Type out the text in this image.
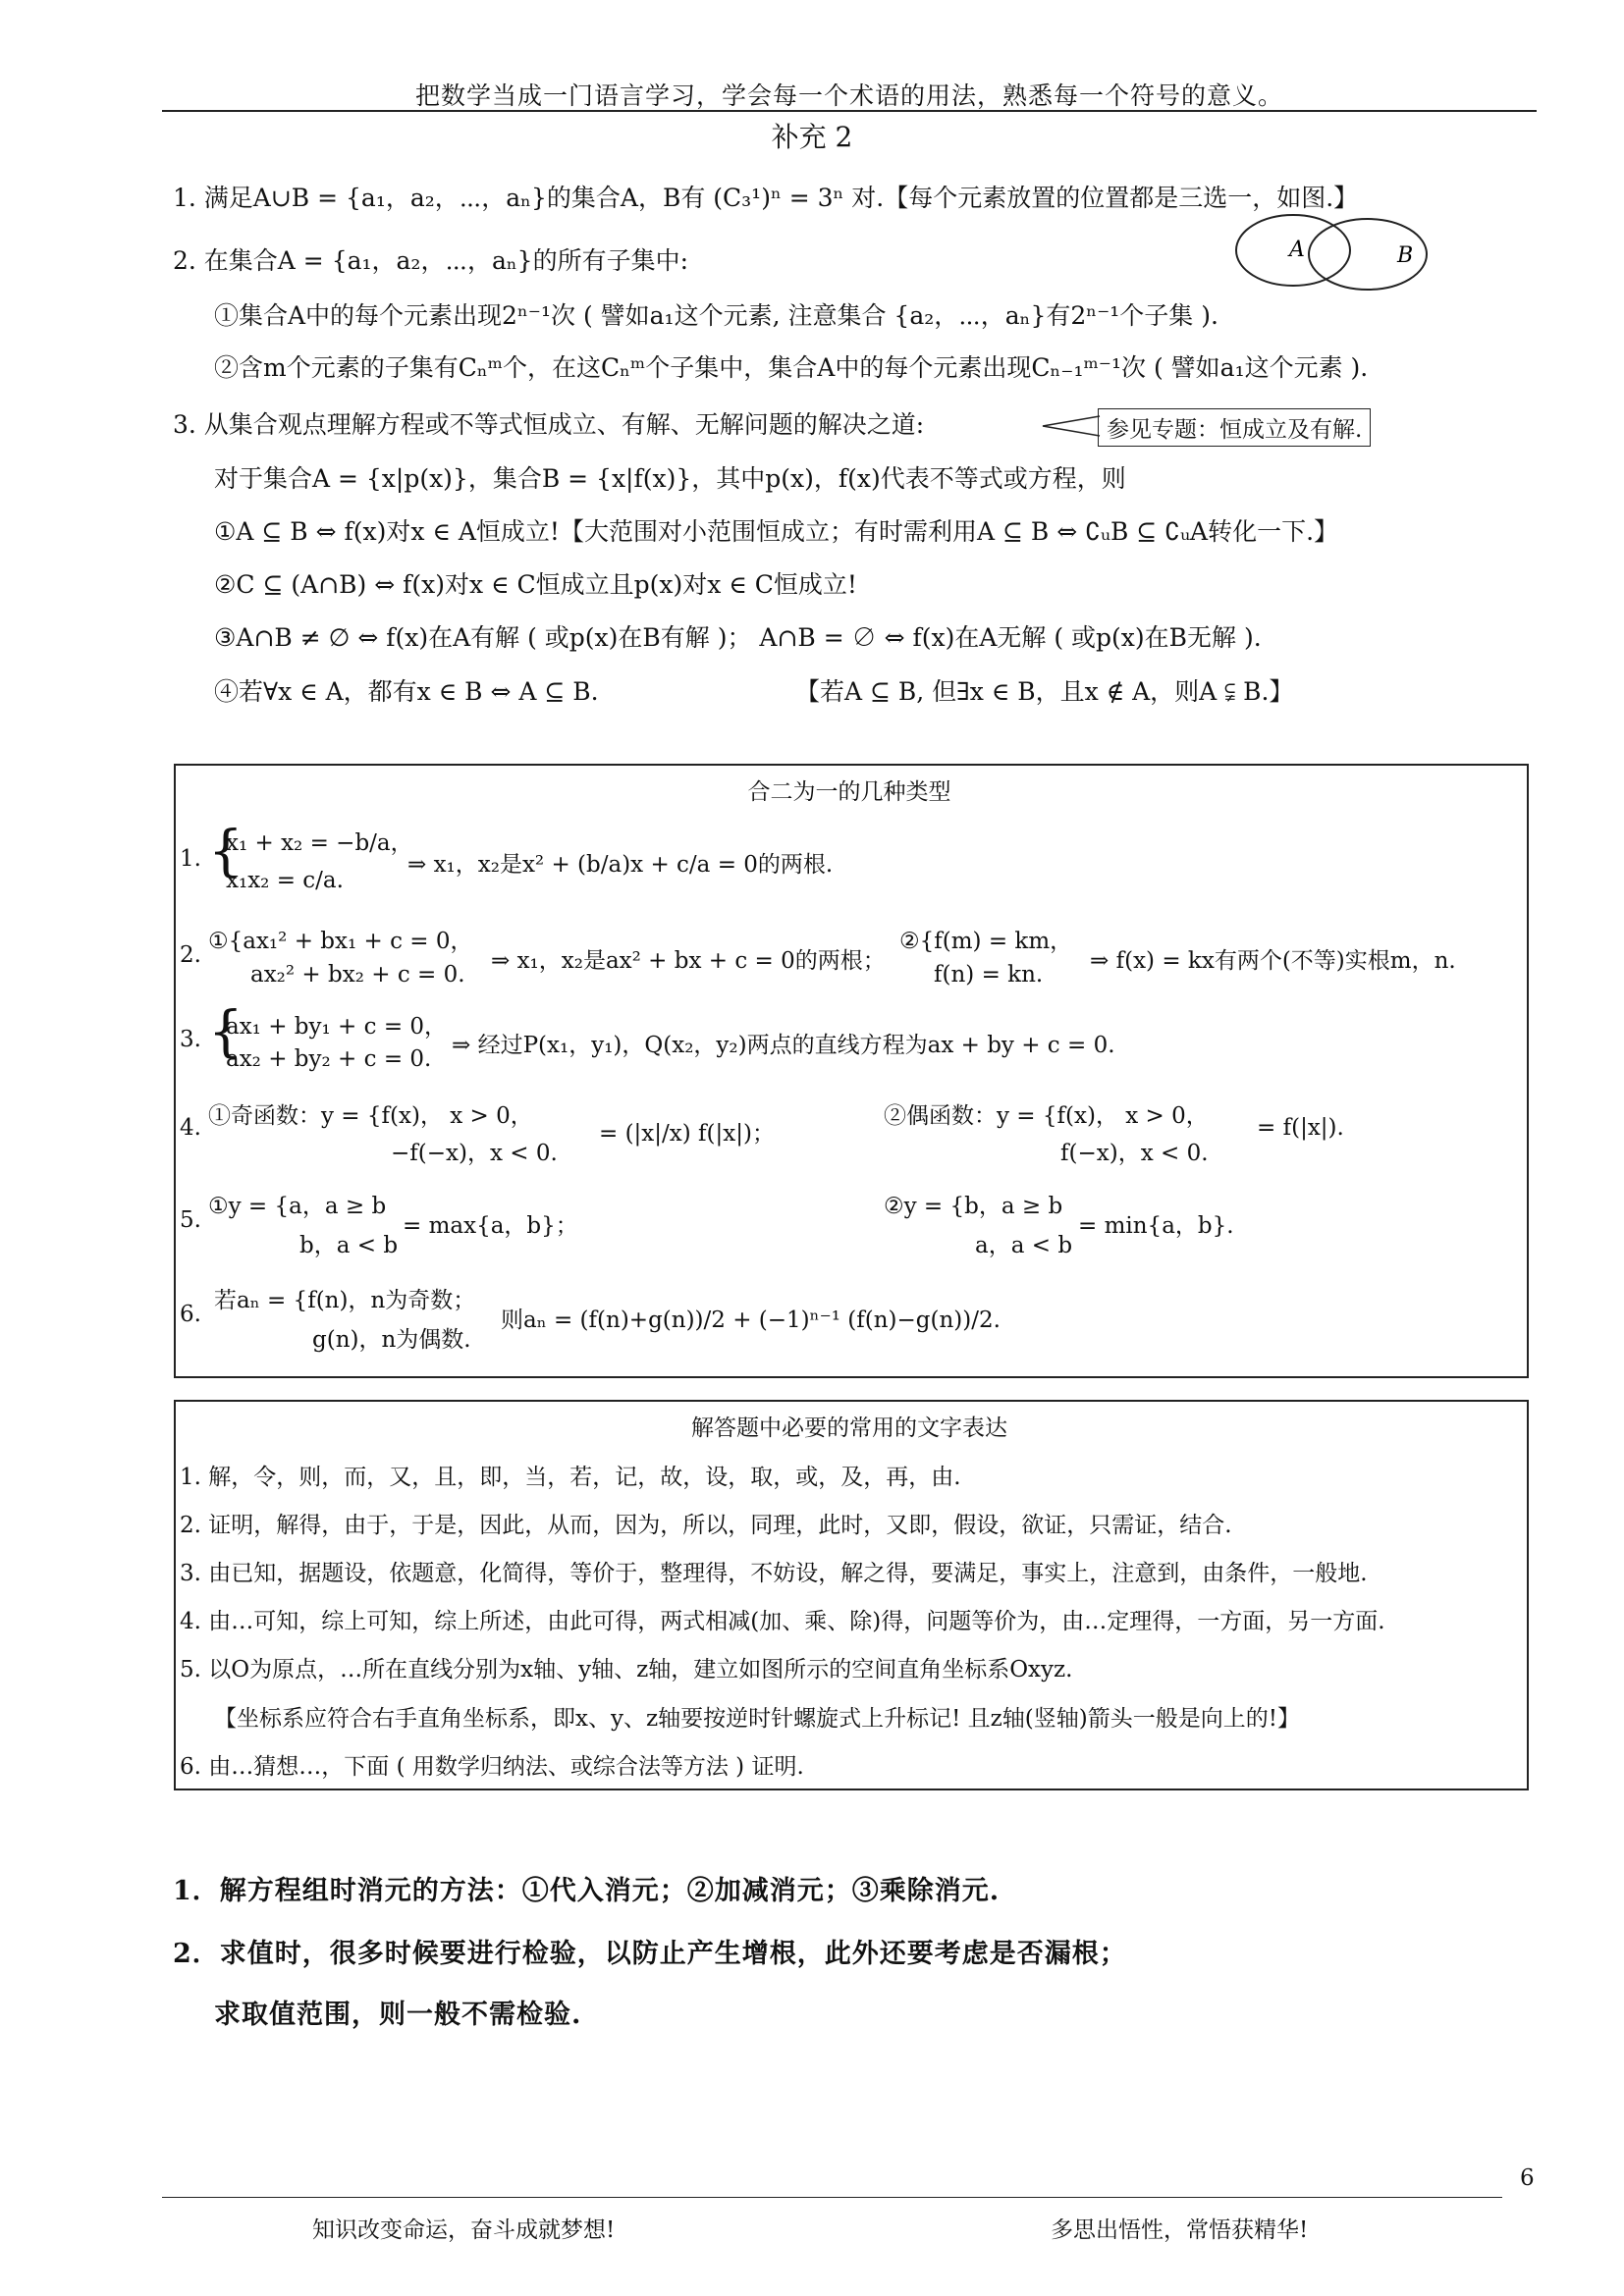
把数学当成一门语言学习，学会每一个术语的用法，熟悉每一个符号的意义。
补充 2
1. 满足A∪B = {a₁，a₂，⋯，aₙ}的集合A，B有 (C₃¹)ⁿ = 3ⁿ 对.【每个元素放置的位置都是三选一，如图.】
2. 在集合A = {a₁，a₂，⋯，aₙ}的所有子集中:	A	B
①集合A中的每个元素出现2ⁿ⁻¹次 ( 譬如a₁这个元素, 注意集合 {a₂，⋯，aₙ}有2ⁿ⁻¹个子集 ).
②含m个元素的子集有Cₙᵐ个，在这Cₙᵐ个子集中，集合A中的每个元素出现Cₙ₋₁ᵐ⁻¹次 ( 譬如a₁这个元素 ).
3. 从集合观点理解方程或不等式恒成立、有解、无解问题的解决之道:	参见专题：恒成立及有解.
对于集合A = {x|p(x)}，集合B = {x|f(x)}，其中p(x)，f(x)代表不等式或方程，则
①A ⊆ B ⇔ f(x)对x ∈ A恒成立!【大范围对小范围恒成立；有时需利用A ⊆ B ⇔ ∁ᵤB ⊆ ∁ᵤA转化一下.】
②C ⊆ (A∩B) ⇔ f(x)对x ∈ C恒成立且p(x)对x ∈ C恒成立!
③A∩B ≠ ∅ ⇔ f(x)在A有解 ( 或p(x)在B有解 )； A∩B = ∅ ⇔ f(x)在A无解 ( 或p(x)在B无解 ).
④若∀x ∈ A，都有x ∈ B ⇔ A ⊆ B.	【若A ⊆ B, 但∃x ∈ B，且x ∉ A，则A ⫋ B.】
合二为一的几种类型
1. {
x₁ + x₂ = −b/a，
x₁x₂ = c/a.
⇒ x₁，x₂是x² + (b/a)x + c/a = 0的两根.
2.
①{ax₁² + bx₁ + c = 0，
ax₂² + bx₂ + c = 0.
⇒ x₁，x₂是ax² + bx + c = 0的两根；
②{f(m) = km，
f(n) = kn.
⇒ f(x) = kx有两个(不等)实根m，n.
3. {
ax₁ + by₁ + c = 0，
ax₂ + by₂ + c = 0.
⇒ 经过P(x₁，y₁)，Q(x₂，y₂)两点的直线方程为ax + by + c = 0.
4. ①奇函数：y = {f(x)， x > 0，
−f(−x)，x < 0.
= (|x|/x) f(|x|)；
②偶函数：y = {f(x)， x > 0，
f(−x)，x < 0.
= f(|x|).
5.
①y = {a，a ≥ b
b，a < b
= max{a，b}；
②y = {b，a ≥ b
a，a < b
= min{a，b}.
6.
若aₙ = {f(n)，n为奇数；
g(n)，n为偶数.
则aₙ = (f(n)+g(n))/2 + (−1)ⁿ⁻¹ (f(n)−g(n))/2.
解答题中必要的常用的文字表达
1. 解，令，则，而，又，且，即，当，若，记，故，设，取，或，及，再，由.
2. 证明，解得，由于，于是，因此，从而，因为，所以，同理，此时，又即，假设，欲证，只需证，结合.
3. 由已知，据题设，依题意，化简得，等价于，整理得，不妨设，解之得，要满足，事实上，注意到，由条件，一般地.
4. 由…可知，综上可知，综上所述，由此可得，两式相减(加、乘、除)得，问题等价为，由…定理得，一方面，另一方面.
5. 以O为原点，…所在直线分别为x轴、y轴、z轴，建立如图所示的空间直角坐标系Oxyz.
【坐标系应符合右手直角坐标系，即x、y、z轴要按逆时针螺旋式上升标记! 且z轴(竖轴)箭头一般是向上的!】
6. 由…猜想…，下面 ( 用数学归纳法、或综合法等方法 ) 证明.
1．解方程组时消元的方法：①代入消元；②加减消元；③乘除消元.
2．求值时，很多时候要进行检验，以防止产生增根，此外还要考虑是否漏根；
求取值范围，则一般不需检验.
6
知识改变命运，奋斗成就梦想!	多思出悟性，常悟获精华!
